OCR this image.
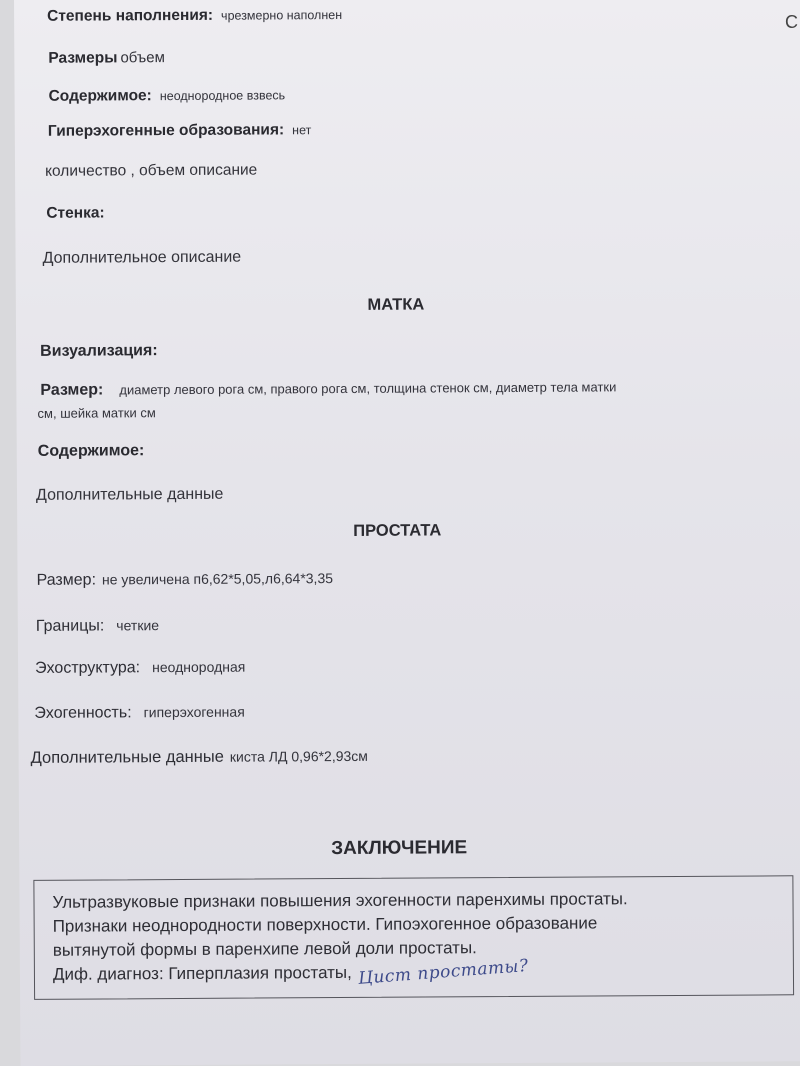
Степень наполнения: чрезмерно наполнен
Размеры объем
Содержимое: неоднородное взвесь
Гиперэхогенные образования: нет
количество , объем описание
Стенка:
Дополнительное описание
МАТКА
Визуализация:
Размер: диаметр левого рога см, правого рога см, толщина стенок см, диаметр тела матки
см, шейка матки см
Содержимое:
Дополнительные данные
ПРОСТАТА
Размер: не увеличена п6,62*5,05,л6,64*3,35
Границы: четкие
Эхоструктура: неоднородная
Эхогенность: гиперэхогенная
Дополнительные данные киста ЛД 0,96*2,93см
ЗАКЛЮЧЕНИЕ
Ультразвуковые признаки повышения эхогенности паренхимы простаты.
Признаки неоднородности поверхности. Гипоэхогенное образование
вытянутой формы в паренхипе левой доли простаты.
Диф. диагноз: Гиперплазия простаты, Цист простаты?
С
